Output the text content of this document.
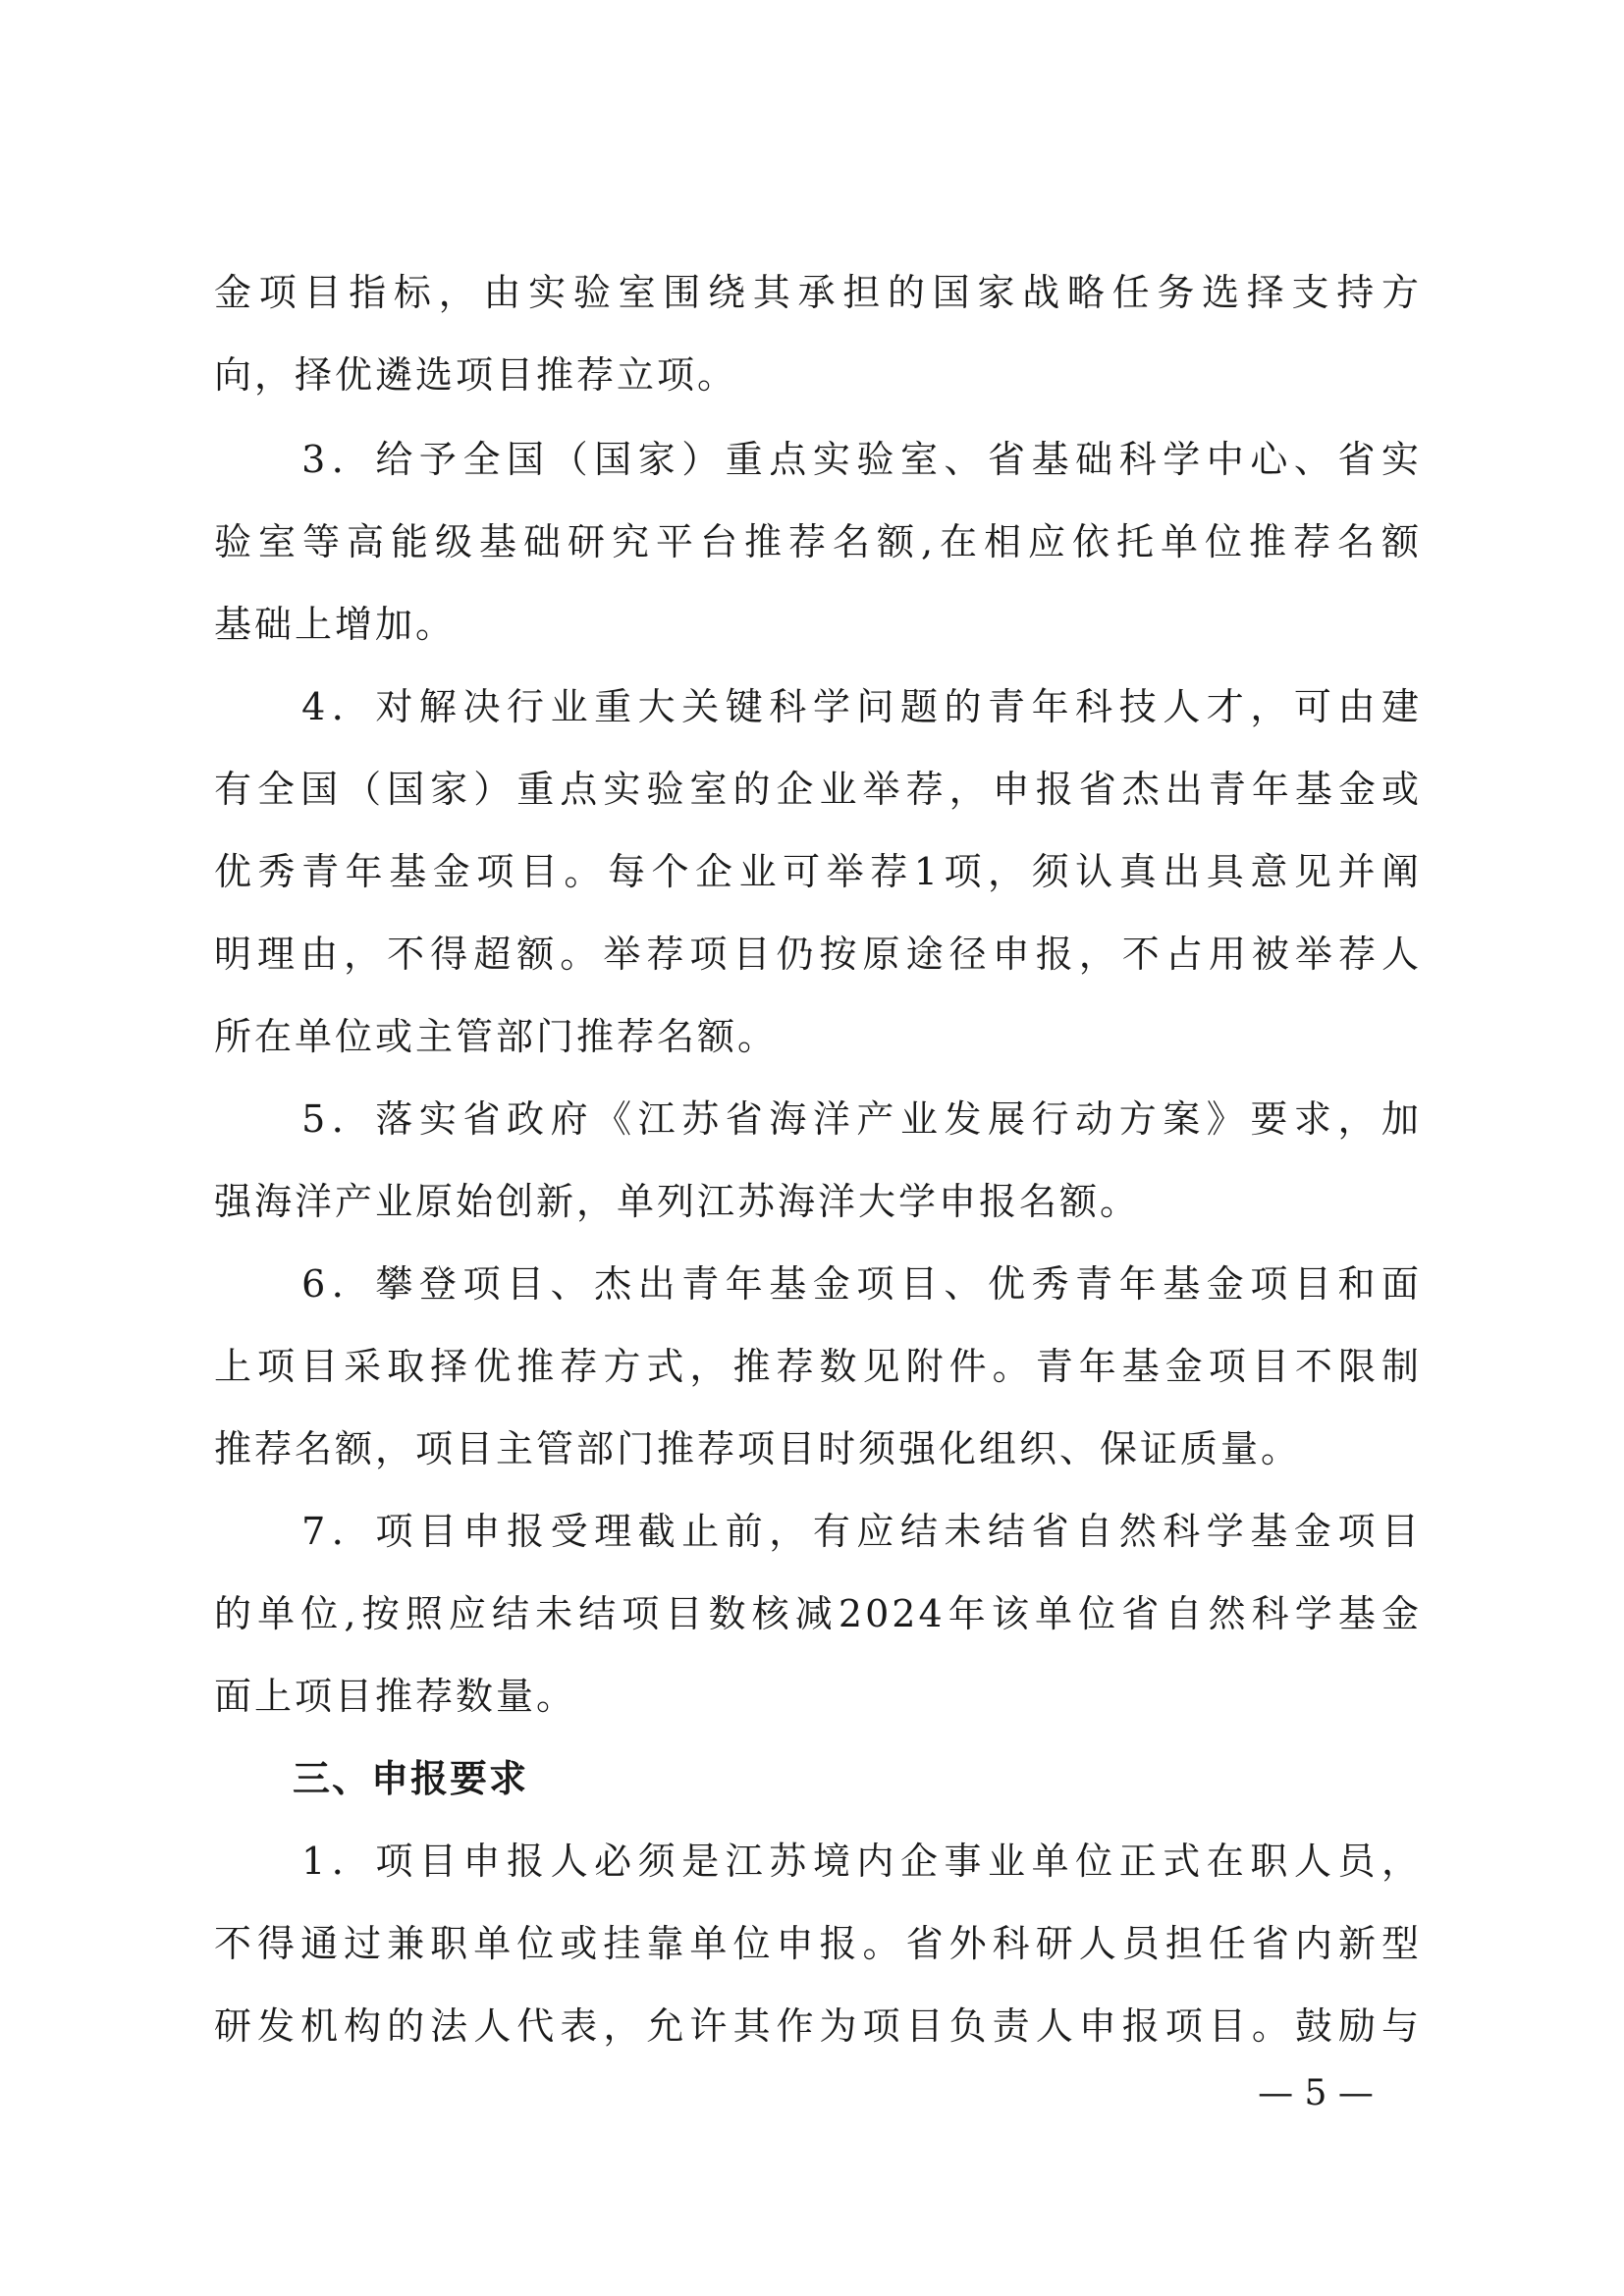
金项目指标，由实验室围绕其承担的国家战略任务选择支持方
向，择优遴选项目推荐立项。
　　3．给予全国（国家）重点实验室、省基础科学中心、省实
验室等高能级基础研究平台推荐名额,在相应依托单位推荐名额
基础上增加。
　　4．对解决行业重大关键科学问题的青年科技人才，可由建
有全国（国家）重点实验室的企业举荐，申报省杰出青年基金或
优秀青年基金项目。每个企业可举荐1项，须认真出具意见并阐
明理由，不得超额。举荐项目仍按原途径申报，不占用被举荐人
所在单位或主管部门推荐名额。
　　5．落实省政府《江苏省海洋产业发展行动方案》要求，加
强海洋产业原始创新，单列江苏海洋大学申报名额。
　　6．攀登项目、杰出青年基金项目、优秀青年基金项目和面
上项目采取择优推荐方式，推荐数见附件。青年基金项目不限制
推荐名额，项目主管部门推荐项目时须强化组织、保证质量。
　　7．项目申报受理截止前，有应结未结省自然科学基金项目
的单位,按照应结未结项目数核减2024年该单位省自然科学基金
面上项目推荐数量。
　　三、申报要求
　　1．项目申报人必须是江苏境内企事业单位正式在职人员，
不得通过兼职单位或挂靠单位申报。省外科研人员担任省内新型
研发机构的法人代表，允许其作为项目负责人申报项目。鼓励与
— 5 —
